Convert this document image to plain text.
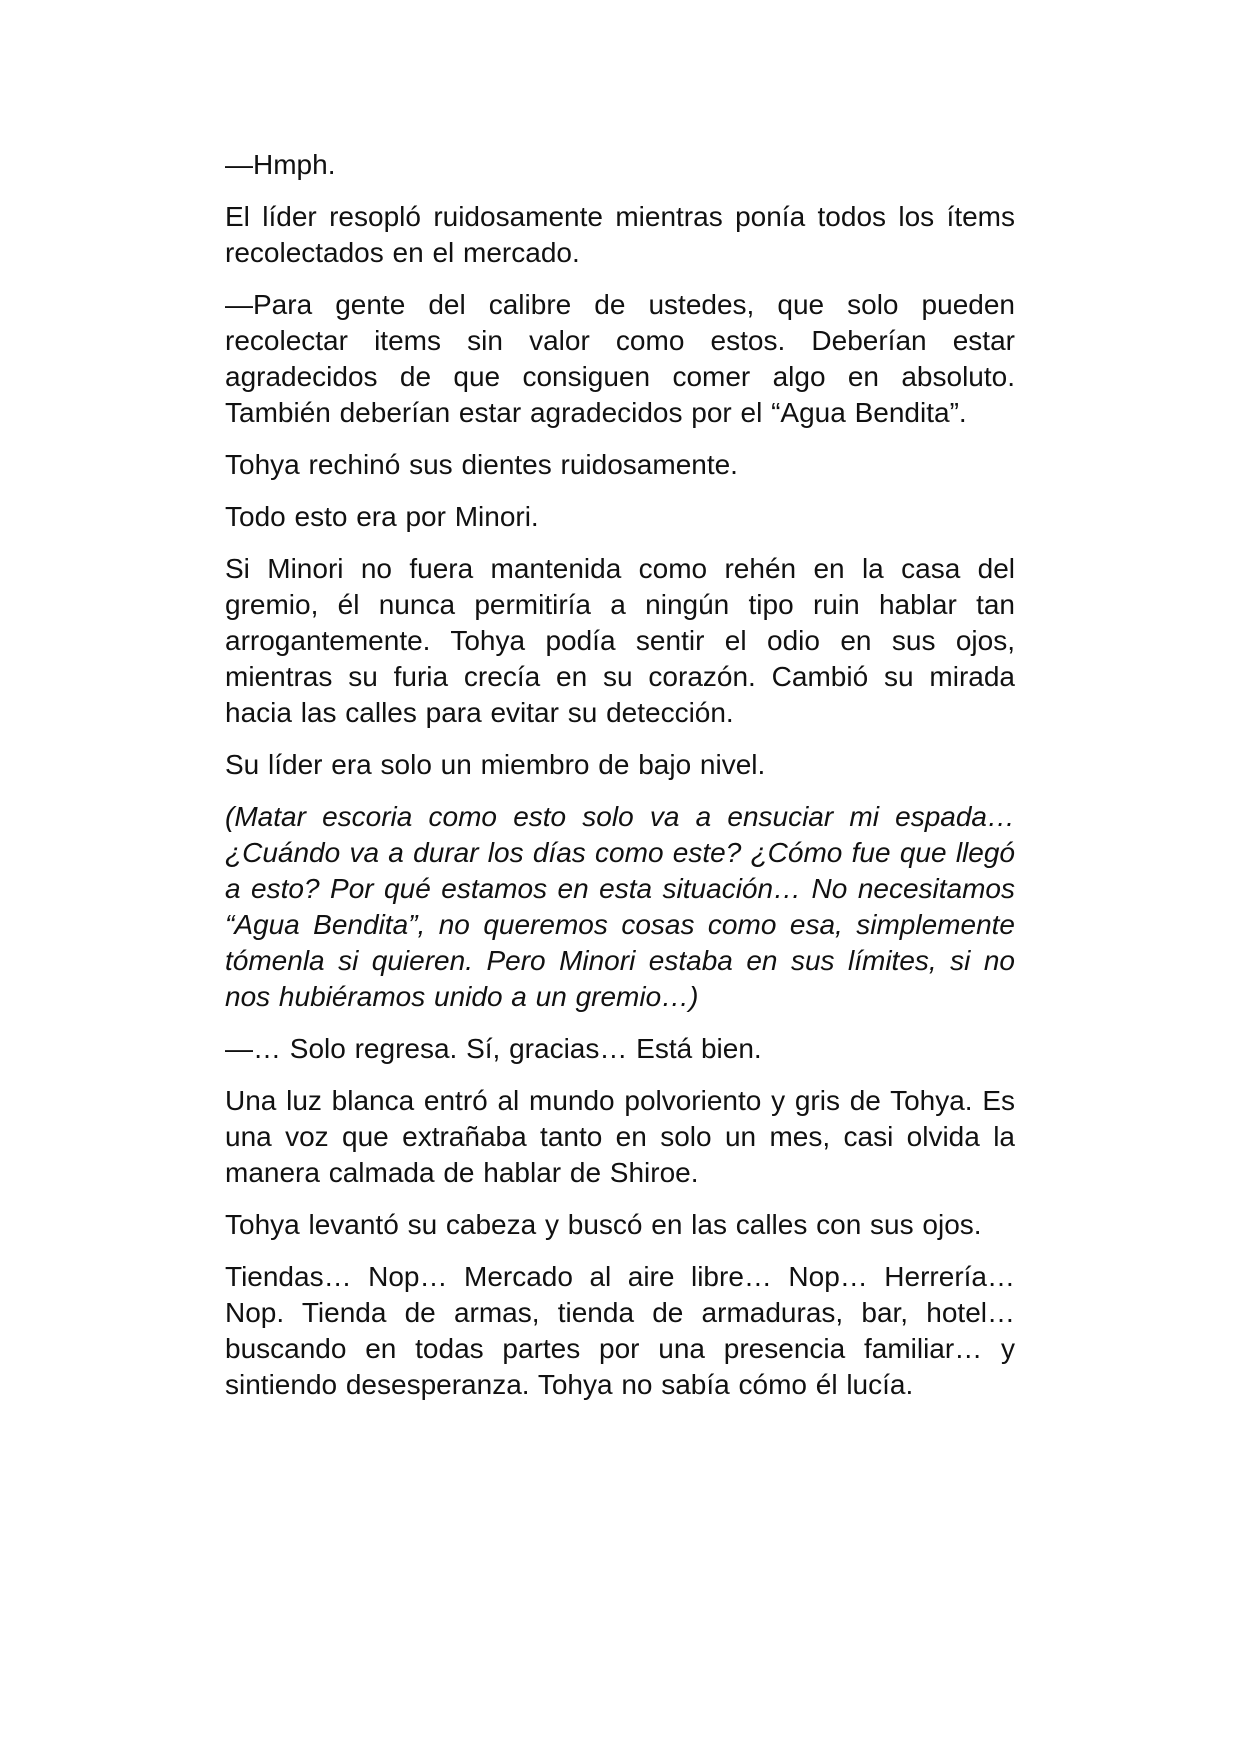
—Hmph.

El líder resopló ruidosamente mientras ponía todos los ítems recolectados en el mercado.

—Para gente del calibre de ustedes, que solo pueden recolectar items sin valor como estos. Deberían estar agradecidos de que consiguen comer algo en absoluto. También deberían estar agradecidos por el “Agua Bendita”.

Tohya rechinó sus dientes ruidosamente.

Todo esto era por Minori.

Si Minori no fuera mantenida como rehén en la casa del gremio, él nunca permitiría a ningún tipo ruin hablar tan arrogantemente. Tohya podía sentir el odio en sus ojos, mientras su furia crecía en su corazón. Cambió su mirada hacia las calles para evitar su detección.

Su líder era solo un miembro de bajo nivel.

(Matar escoria como esto solo va a ensuciar mi espada… ¿Cuándo va a durar los días como este? ¿Cómo fue que llegó a esto? Por qué estamos en esta situación… No necesitamos “Agua Bendita”, no queremos cosas como esa, simplemente tómenla si quieren. Pero Minori estaba en sus límites, si no nos hubiéramos unido a un gremio…)

—… Solo regresa. Sí, gracias… Está bien.

Una luz blanca entró al mundo polvoriento y gris de Tohya. Es una voz que extrañaba tanto en solo un mes, casi olvida la manera calmada de hablar de Shiroe.

Tohya levantó su cabeza y buscó en las calles con sus ojos.

Tiendas… Nop… Mercado al aire libre… Nop… Herrería… Nop. Tienda de armas, tienda de armaduras, bar, hotel… buscando en todas partes por una presencia familiar… y sintiendo desesperanza. Tohya no sabía cómo él lucía.
